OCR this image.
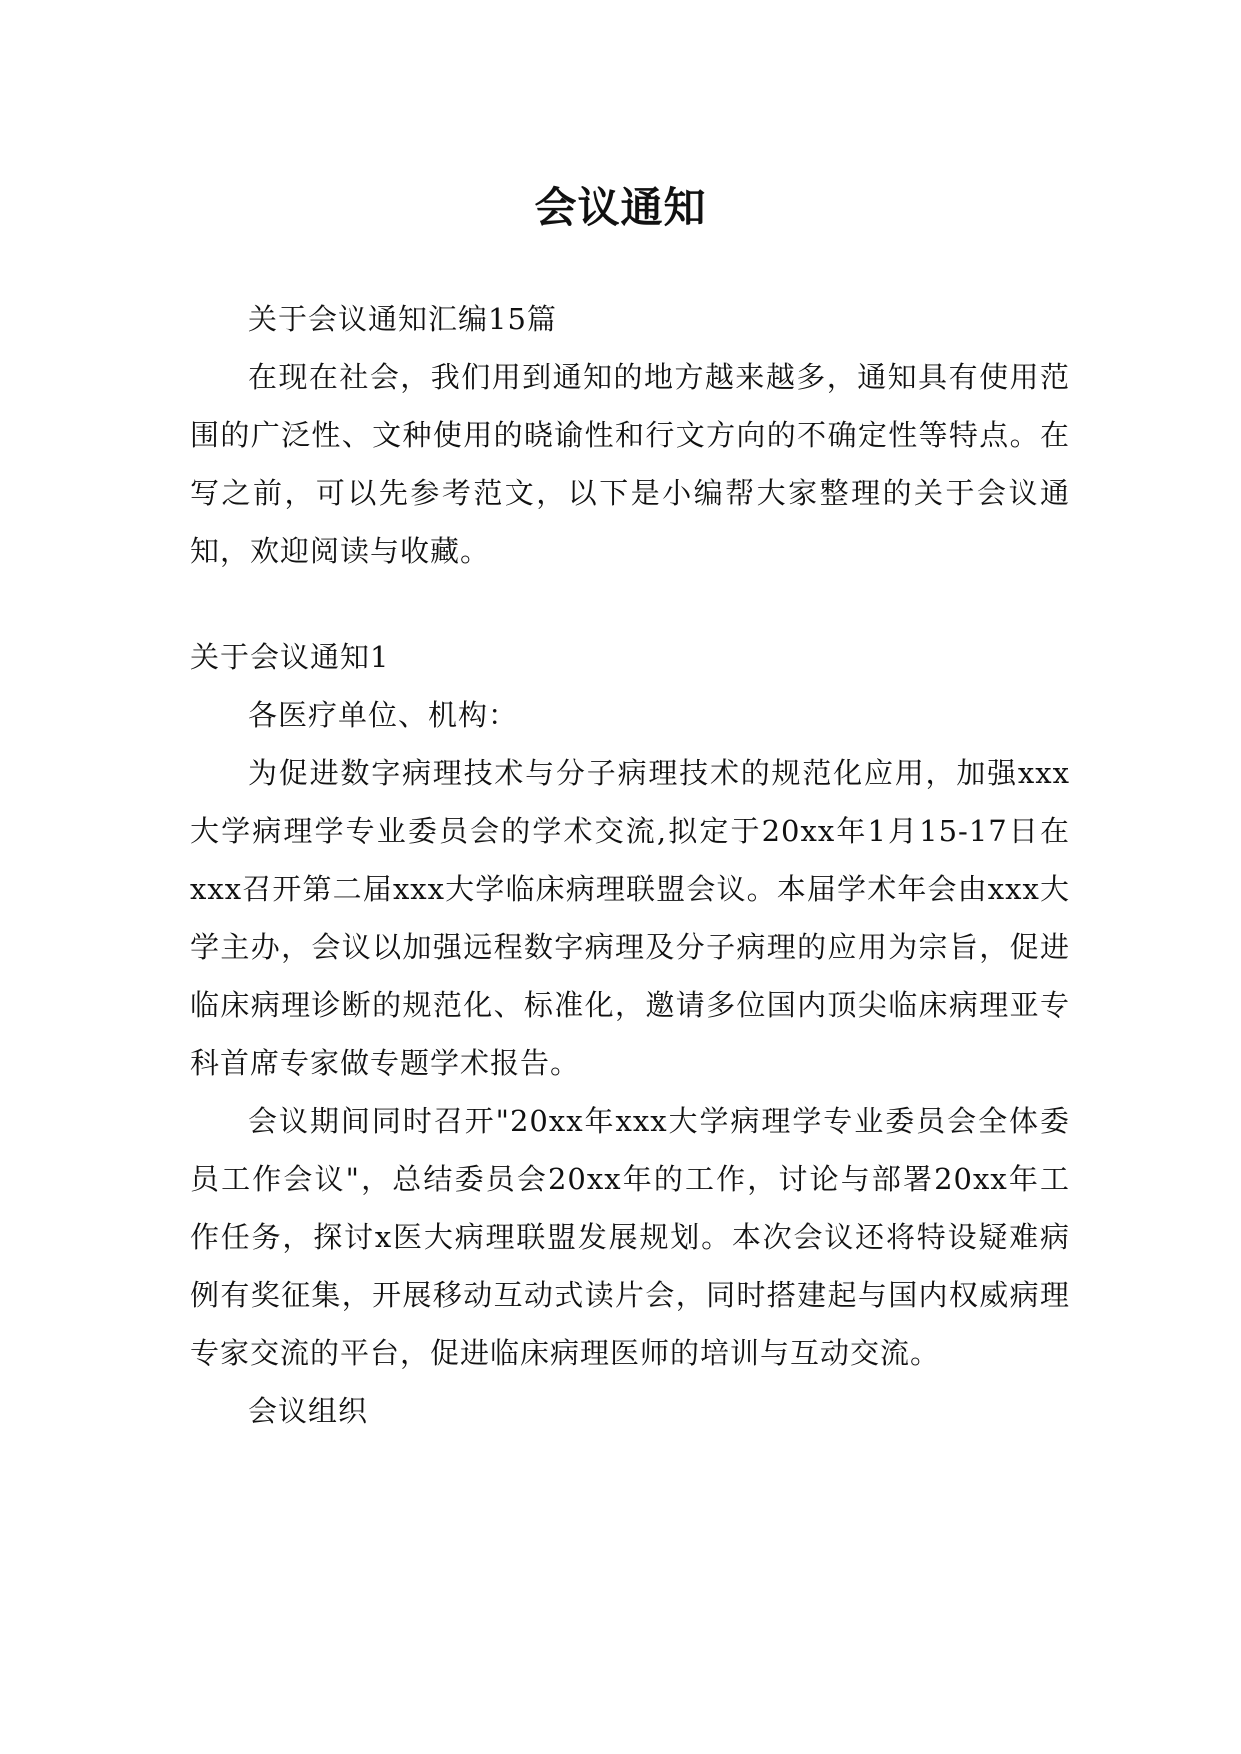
会议通知

关于会议通知汇编15篇

在现在社会，我们用到通知的地方越来越多，通知具有使用范围的广泛性、文种使用的晓谕性和行文方向的不确定性等特点。在写之前，可以先参考范文，以下是小编帮大家整理的关于会议通知，欢迎阅读与收藏。

关于会议通知1

各医疗单位、机构：

为促进数字病理技术与分子病理技术的规范化应用，加强xxx大学病理学专业委员会的学术交流,拟定于20xx年1月15-17日在xxx召开第二届xxx大学临床病理联盟会议。本届学术年会由xxx大学主办，会议以加强远程数字病理及分子病理的应用为宗旨，促进临床病理诊断的规范化、标准化，邀请多位国内顶尖临床病理亚专科首席专家做专题学术报告。

会议期间同时召开"20xx年xxx大学病理学专业委员会全体委员工作会议"，总结委员会20xx年的工作，讨论与部署20xx年工作任务，探讨x医大病理联盟发展规划。本次会议还将特设疑难病例有奖征集，开展移动互动式读片会，同时搭建起与国内权威病理专家交流的平台，促进临床病理医师的培训与互动交流。

会议组织
